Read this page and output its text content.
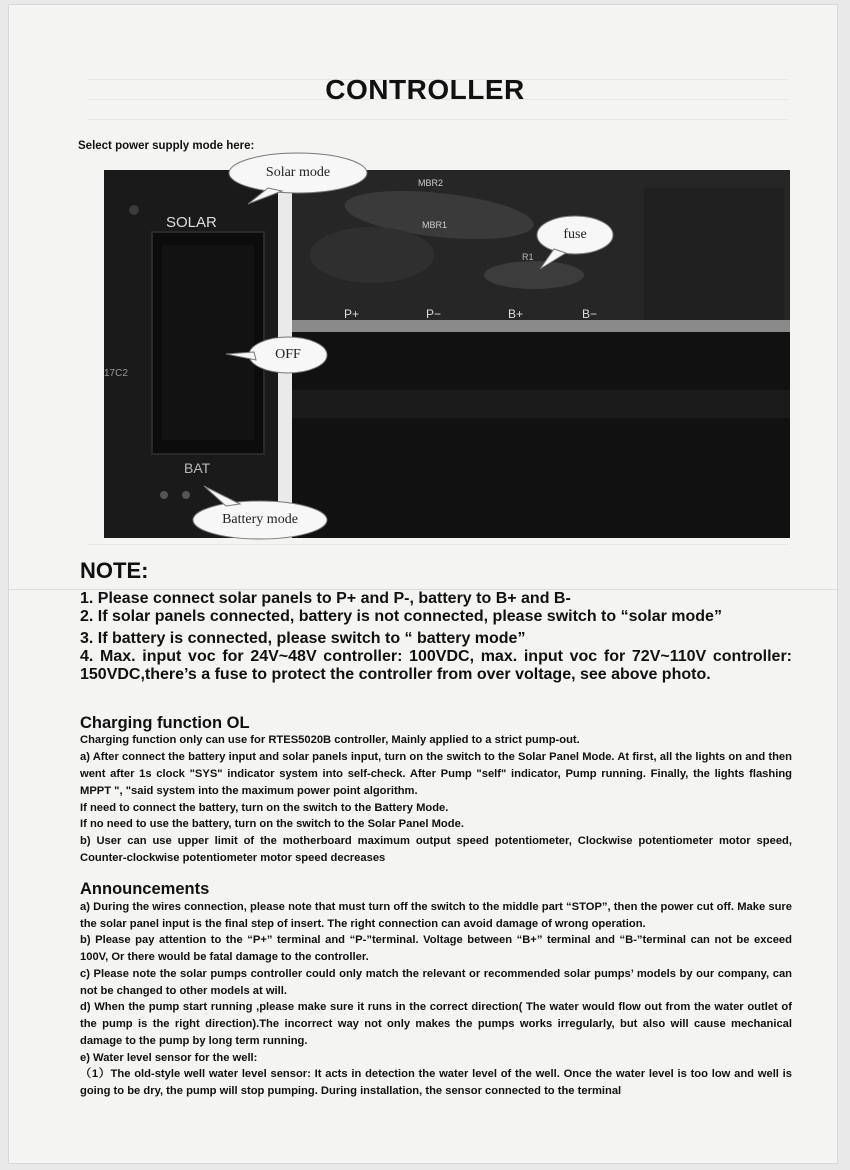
CONTROLLER
Select power supply mode here:
SOLAR
BAT
17C2
MBR2
MBR1
R1
P+	P−	B+	B−
Solar mode
fuse
OFF
Battery mode
NOTE:
1. Please connect solar panels to P+ and P-, battery to B+ and B-
2. If solar panels connected, battery is not connected, please switch to “solar mode”
3. If battery is connected, please switch to “ battery mode”
4. Max. input voc for 24V~48V controller: 100VDC, max. input voc for 72V~110V controller: 150VDC,there’s a fuse to protect the controller from over voltage, see above photo.
Charging function OL
Charging function only can use for RTES5020B controller, Mainly applied to a strict pump-out.
a) After connect the battery input and solar panels input, turn on the switch to the Solar Panel Mode. At first, all the lights on and then went after 1s clock "SYS" indicator system into self-check. After Pump "self" indicator, Pump running. Finally, the lights flashing MPPT ", "said system into the maximum power point algorithm.
If need to connect the battery, turn on the switch to the Battery Mode.
If no need to use the battery, turn on the switch to the Solar Panel Mode.
b) User can use upper limit of the motherboard maximum output speed potentiometer, Clockwise potentiometer motor speed, Counter-clockwise potentiometer motor speed decreases
Announcements
a) During the wires connection, please note that must turn off the switch to the middle part “STOP”, then the power cut off. Make sure the solar panel input is the final step of insert. The right connection can avoid damage of wrong operation.
b) Please pay attention to the “P+” terminal and “P-”terminal. Voltage between “B+” terminal and “B-”terminal can not be exceed 100V, Or there would be fatal damage to the controller.
c) Please note the solar pumps controller could only match the relevant or recommended solar pumps’ models by our company, can not be changed to other models at will.
d) When the pump start running ,please make sure it runs in the correct direction( The water would flow out from the water outlet of the pump is the right direction).The incorrect way not only makes the pumps works irregularly, but also will cause mechanical damage to the pump by long term running.
e) Water level sensor for the well:
（1）The old-style well water level sensor: It acts in detection the water level of the well. Once the water level is too low and well is going to be dry, the pump will stop pumping. During installation, the sensor connected to the terminal
